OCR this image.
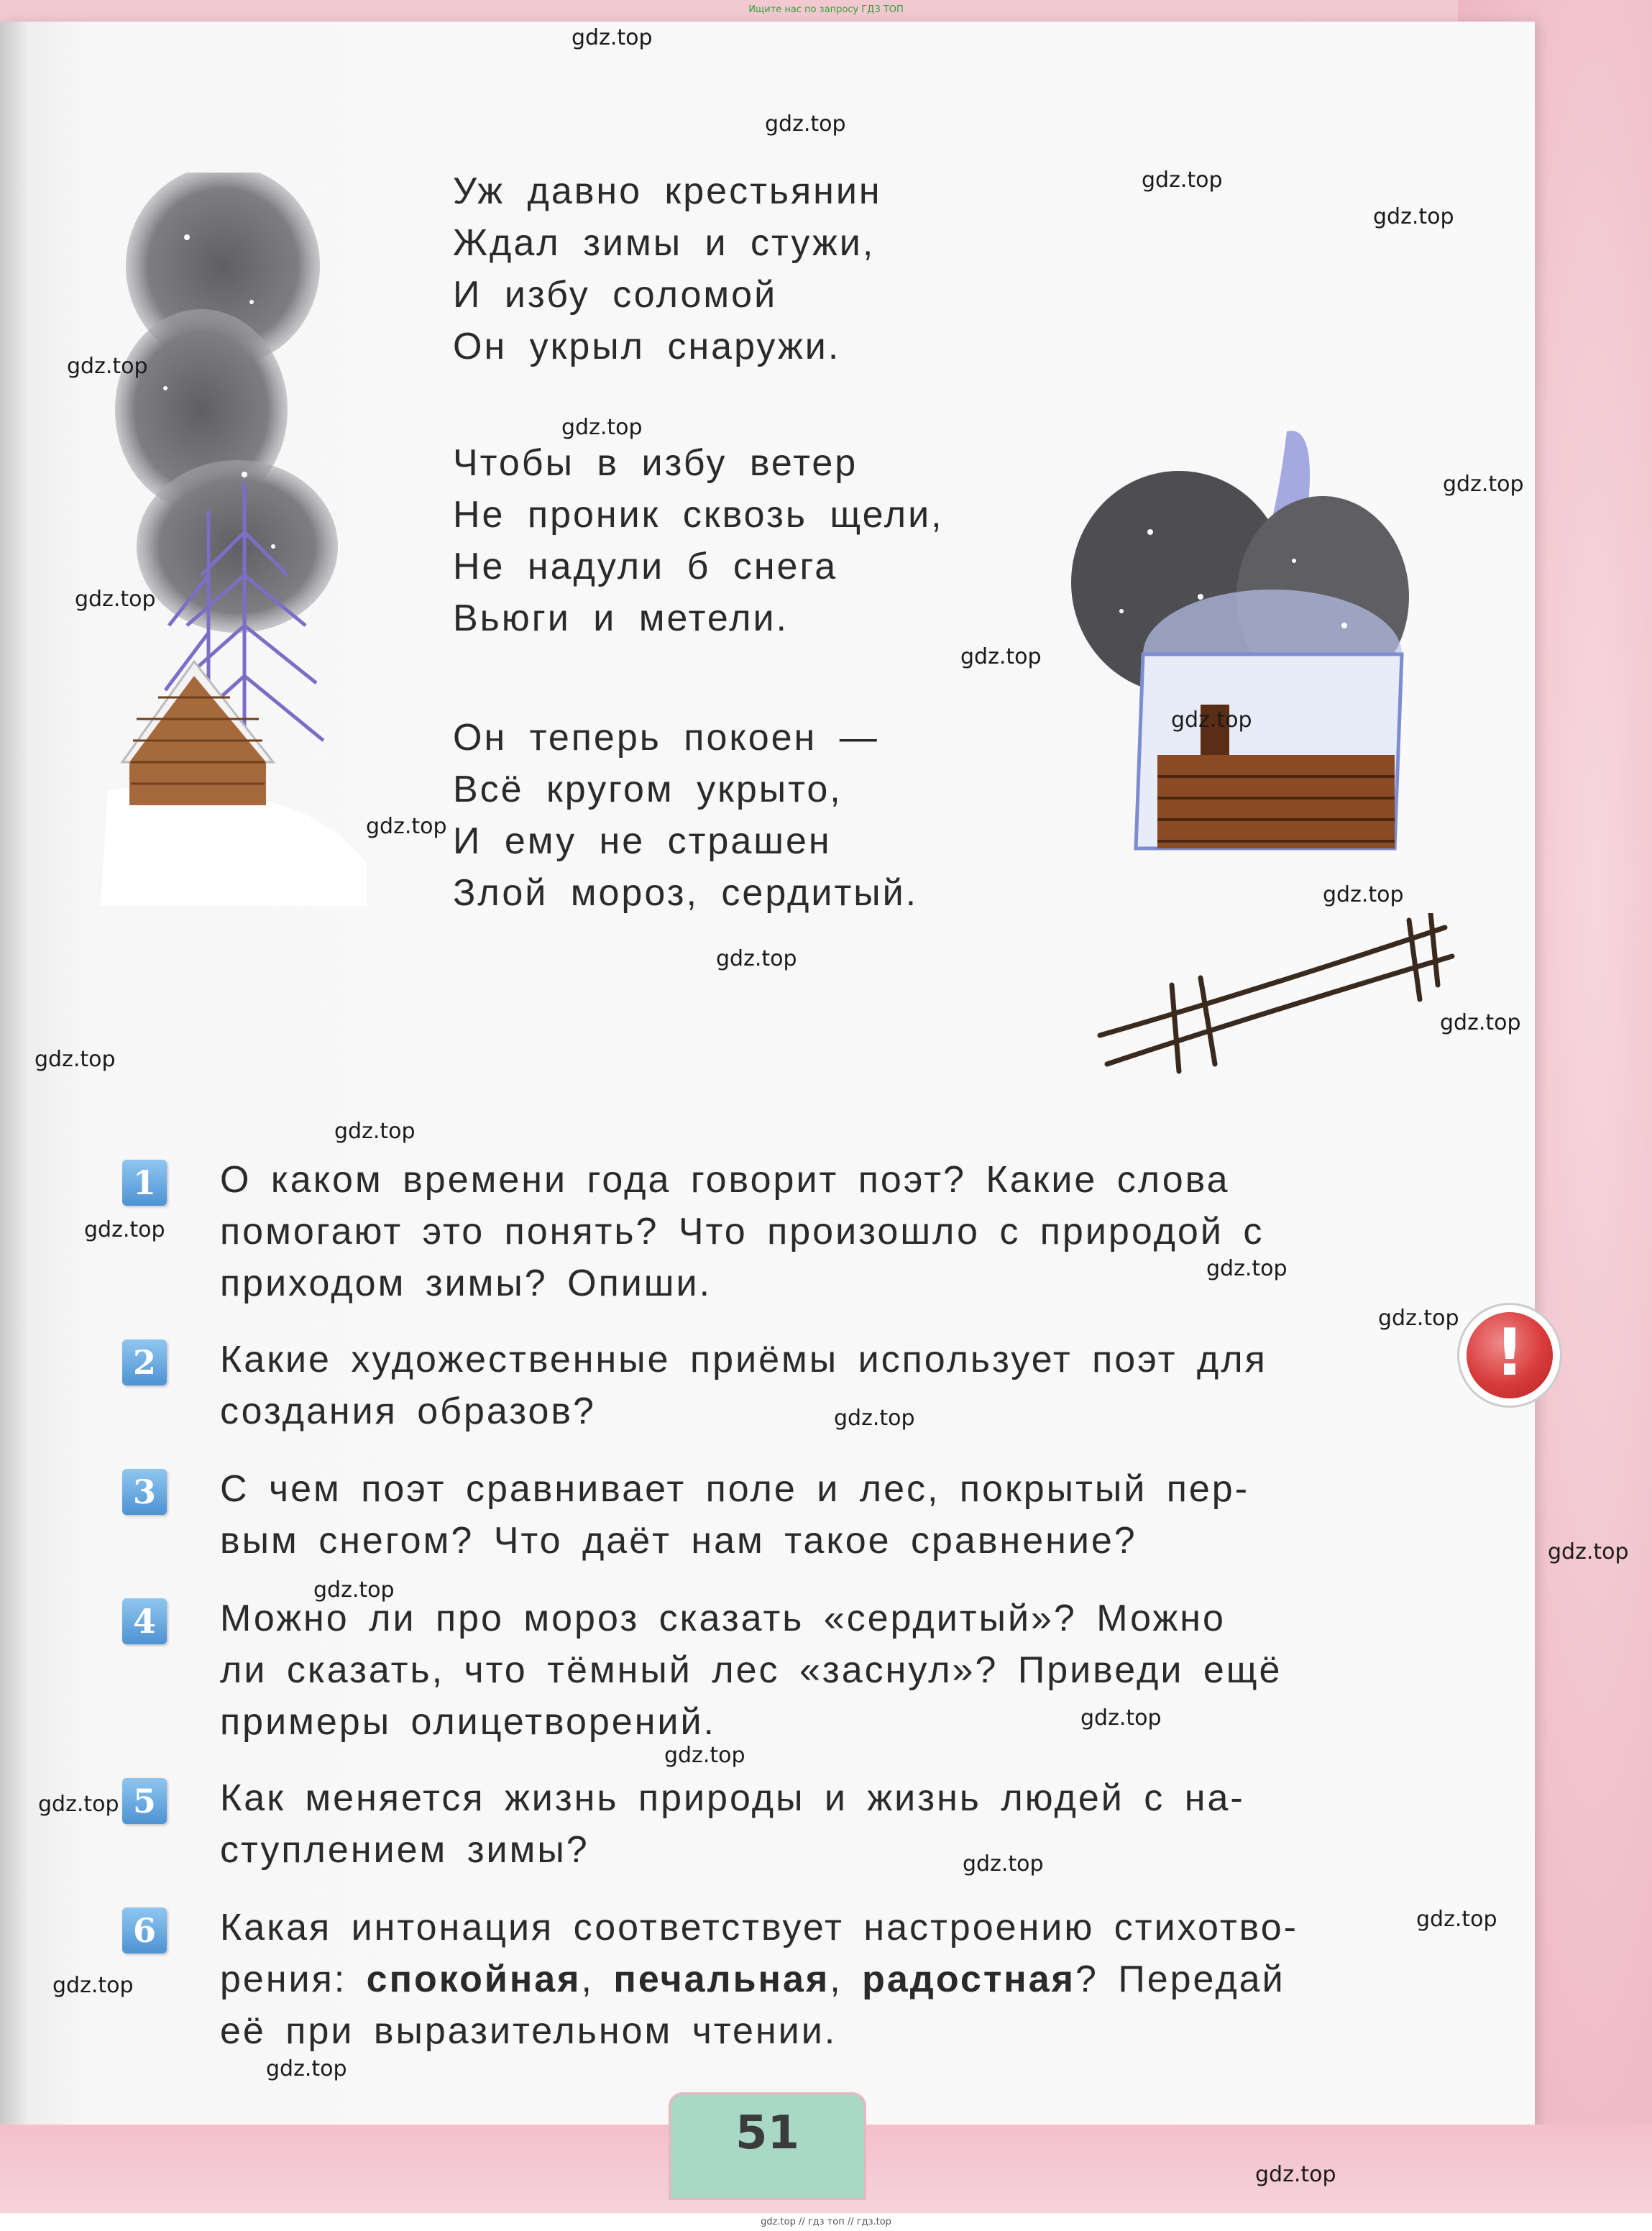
Ищите нас по запросу ГДЗ ТОП
Уж давно крестьянин
Ждал зимы и стужи,
И избу соломой
Он укрыл снаружи.
Чтобы в избу ветер
Не проник сквозь щели,
Не надули б снега
Вьюги и метели.
Он теперь покоен —
Всё кругом укрыто,
И ему не страшен
Злой мороз, сердитый.
1 О каком времени года говорит поэт? Какие слова
помогают это понять? Что произошло с природой с
приходом зимы? Опиши.
2 Какие художественные приёмы использует поэт для
создания образов?
3 С чем поэт сравнивает поле и лес, покрытый пер-
вым снегом? Что даёт нам такое сравнение?
4 Можно ли про мороз сказать «сердитый»? Можно
ли сказать, что тёмный лес «заснул»? Приведи ещё
примеры олицетворений.
5 Как меняется жизнь природы и жизнь людей с на-
ступлением зимы?
6 Какая интонация соответствует настроению стихотво-
рения: спокойная, печальная, радостная? Передай
её при выразительном чтении.
!
51
gdz.top
gdz.top
gdz.top
gdz.top
gdz.top
gdz.top
gdz.top
gdz.top
gdz.top
gdz.top
gdz.top
gdz.top
gdz.top
gdz.top
gdz.top
gdz.top
gdz.top
gdz.top
gdz.top
gdz.top
gdz.top
gdz.top
gdz.top
gdz.top
gdz.top
gdz.top
gdz.top
gdz.top
gdz.top
gdz.top
gdz.top // гдз топ // гдз.top
